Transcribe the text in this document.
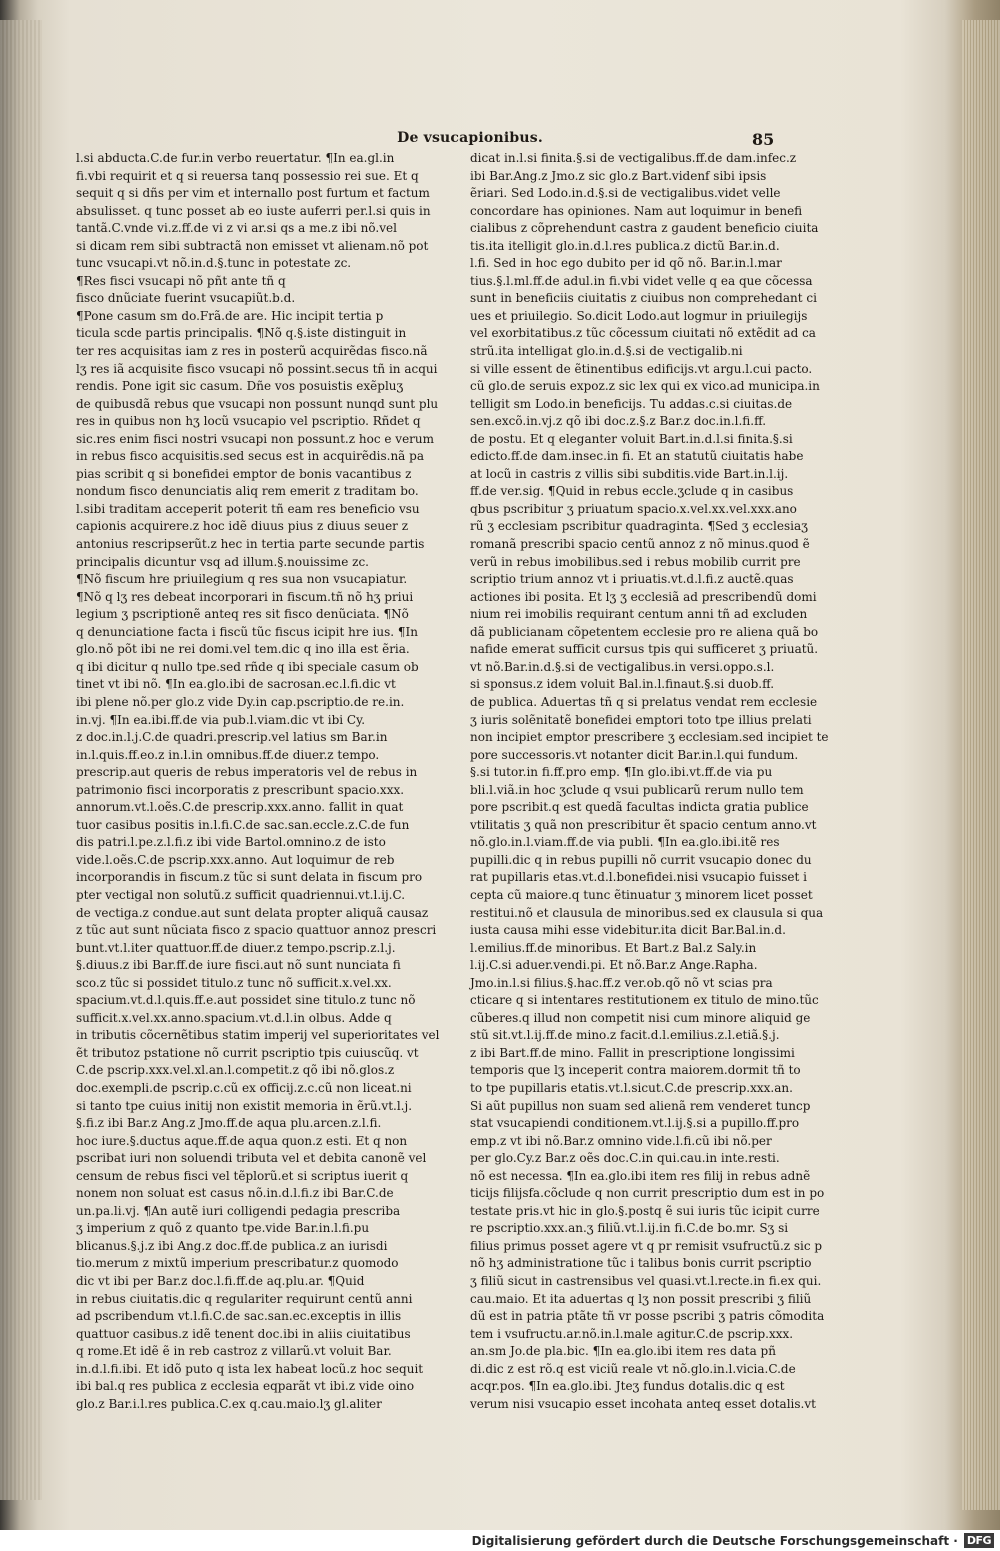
De vsucapionibus.	85
l.si abducta.C.de fur.in verbo reuertatur. ¶In ea.gl.in
fi.vbi requirit et q si reuersa tanq possessio rei sue. Et q
sequit q si dñs per vim et internallo post furtum et factum
absulisset. q tunc posset ab eo iuste auferri per.l.si quis in
tantã.C.vnde vi.z.ff.de vi z vi ar.si qs a me.z ibi nõ.vel
si dicam rem sibi subtractã non emisset vt alienam.nõ pot
tunc vsucapi.vt nõ.in.d.§.tunc in potestate zc.
¶Res fisci vsucapi nõ pñt ante tñ q
fisco dnũciate fuerint vsucapiũt.b.d.
¶Pone casum sm do.Frã.de are. Hic incipit tertia p
ticula scde partis principalis. ¶Nõ q.§.iste distinguit in
ter res acquisitas iam z res in posterũ acquirẽdas fisco.nã
lʒ res iã acquisite fisco vsucapi nõ possint.secus tñ in acqui
rendis. Pone igit sic casum. Dñe vos posuistis exẽpluʒ
de quibusdã rebus que vsucapi non possunt nunqd sunt plu
res in quibus non hʒ locũ vsucapio vel pscriptio. Rñdet q
sic.res enim fisci nostri vsucapi non possunt.z hoc e verum
in rebus fisco acquisitis.sed secus est in acquirẽdis.nã pa
pias scribit q si bonefidei emptor de bonis vacantibus z
nondum fisco denunciatis aliq rem emerit z traditam bo.
l.sibi traditam acceperit poterit tñ eam res beneficio vsu
capionis acquirere.z hoc idẽ diuus pius z diuus seuer z
antonius rescripserũt.z hec in tertia parte secunde partis
principalis dicuntur vsq ad illum.§.nouissime zc.
¶Nõ fiscum hre priuilegium q res sua non vsucapiatur.
¶Nõ q lʒ res debeat incorporari in fiscum.tñ nõ hʒ priui
legium ʒ pscriptionẽ anteq res sit fisco denũciata. ¶Nõ
q denunciatione facta i fiscũ tũc fiscus icipit hre ius. ¶In
glo.nõ põt ibi ne rei domi.vel tem.dic q ino illa est ẽria.
q ibi dicitur q nullo tpe.sed rñde q ibi speciale casum ob
tinet vt ibi nõ. ¶In ea.glo.ibi de sacrosan.ec.l.fi.dic vt
ibi plene nõ.per glo.z vide Dy.in cap.pscriptio.de re.in.
in.vj. ¶In ea.ibi.ff.de via pub.l.viam.dic vt ibi Cy.
z doc.in.l.j.C.de quadri.prescrip.vel latius sm Bar.in
in.l.quis.ff.eo.z in.l.in omnibus.ff.de diuer.z tempo.
prescrip.aut queris de rebus imperatoris vel de rebus in
patrimonio fisci incorporatis z prescribunt spacio.xxx.
annorum.vt.l.oẽs.C.de prescrip.xxx.anno. fallit in quat
tuor casibus positis in.l.fi.C.de sac.san.eccle.z.C.de fun
dis patri.l.pe.z.l.fi.z ibi vide Bartol.omnino.z de isto
vide.l.oẽs.C.de pscrip.xxx.anno. Aut loquimur de reb
incorporandis in fiscum.z tũc si sunt delata in fiscum pro
pter vectigal non solutũ.z sufficit quadriennui.vt.l.ij.C.
de vectiga.z condue.aut sunt delata propter aliquã causaz
z tũc aut sunt nũciata fisco z spacio quattuor annoz prescri
bunt.vt.l.iter quattuor.ff.de diuer.z tempo.pscrip.z.l.j.
§.diuus.z ibi Bar.ff.de iure fisci.aut nõ sunt nunciata fi
sco.z tũc si possidet titulo.z tunc nõ sufficit.x.vel.xx.
spacium.vt.d.l.quis.ff.e.aut possidet sine titulo.z tunc nõ
sufficit.x.vel.xx.anno.spacium.vt.d.l.in olbus. Adde q
in tributis cõcernẽtibus statim imperij vel superioritates vel
ẽt tributoz pstatione nõ currit pscriptio tpis cuiuscũq. vt
C.de pscrip.xxx.vel.xl.an.l.competit.z qõ ibi nõ.glos.z
doc.exempli.de pscrip.c.cũ ex officij.z.c.cũ non liceat.ni
si tanto tpe cuius initij non existit memoria in ẽrũ.vt.l.j.
§.fi.z ibi Bar.z Ang.z Jmo.ff.de aqua plu.arcen.z.l.fi.
hoc iure.§.ductus aque.ff.de aqua quon.z esti. Et q non
pscribat iuri non soluendi tributa vel et debita canonẽ vel
censum de rebus fisci vel tẽplorũ.et si scriptus iuerit q
nonem non soluat est casus nõ.in.d.l.fi.z ibi Bar.C.de
un.pa.li.vj. ¶An autẽ iuri colligendi pedagia prescriba
ʒ imperium z quõ z quanto tpe.vide Bar.in.l.fi.pu
blicanus.§.j.z ibi Ang.z doc.ff.de publica.z an iurisdi
tio.merum z mixtũ imperium prescribatur.z quomodo
dic vt ibi per Bar.z doc.l.fi.ff.de aq.plu.ar. ¶Quid
in rebus ciuitatis.dic q regulariter requirunt centũ anni
ad pscribendum vt.l.fi.C.de sac.san.ec.exceptis in illis
quattuor casibus.z idẽ tenent doc.ibi in aliis ciuitatibus
q rome.Et idẽ ẽ in reb castroz z villarũ.vt voluit Bar.
in.d.l.fi.ibi. Et idõ puto q ista lex habeat locũ.z hoc sequit
ibi bal.q res publica z ecclesia eqparãt vt ibi.z vide oino
glo.z Bar.i.l.res publica.C.ex q.cau.maio.lʒ gl.aliter
dicat in.l.si finita.§.si de vectigalibus.ff.de dam.infec.z
ibi Bar.Ang.z Jmo.z sic glo.z Bart.videnf sibi ipsis
ẽriari. Sed Lodo.in.d.§.si de vectigalibus.videt velle
concordare has opiniones. Nam aut loquimur in benefi
cialibus z cõprehendunt castra z gaudent beneficio ciuita
tis.ita itelligit glo.in.d.l.res publica.z dictũ Bar.in.d.
l.fi. Sed in hoc ego dubito per id qõ nõ. Bar.in.l.mar
tius.§.l.ml.ff.de adul.in fi.vbi videt velle q ea que cõcessa
sunt in beneficiis ciuitatis z ciuibus non comprehedant ci
ues et priuilegio. So.dicit Lodo.aut logmur in priuilegijs
vel exorbitatibus.z tũc cõcessum ciuitati nõ extẽdit ad ca
strũ.ita intelligat glo.in.d.§.si de vectigalib.ni
si ville essent de ẽtinentibus edificijs.vt argu.l.cui pacto.
cũ glo.de seruis expoz.z sic lex qui ex vico.ad municipa.in
telligit sm Lodo.in beneficijs. Tu addas.c.si ciuitas.de
sen.excõ.in.vj.z qõ ibi doc.z.§.z Bar.z doc.in.l.fi.ff.
de postu. Et q eleganter voluit Bart.in.d.l.si finita.§.si
edicto.ff.de dam.insec.in fi. Et an statutũ ciuitatis habe
at locũ in castris z villis sibi subditis.vide Bart.in.l.ij.
ff.de ver.sig. ¶Quid in rebus eccle.ʒclude q in casibus
qbus pscribitur ʒ priuatum spacio.x.vel.xx.vel.xxx.ano
rũ ʒ ecclesiam pscribitur quadraginta. ¶Sed ʒ ecclesiaʒ
romanã prescribi spacio centũ annoz z nõ minus.quod ẽ
verũ in rebus imobilibus.sed i rebus mobilib currit pre
scriptio trium annoz vt i priuatis.vt.d.l.fi.z auctẽ.quas
actiones ibi posita. Et lʒ ʒ ecclesiã ad prescribendũ domi
nium rei imobilis requirant centum anni tñ ad excluden
dã publicianam cõpetentem ecclesie pro re aliena quã bo
nafide emerat sufficit cursus tpis qui sufficeret ʒ priuatũ.
vt nõ.Bar.in.d.§.si de vectigalibus.in versi.oppo.s.l.
si sponsus.z idem voluit Bal.in.l.finaut.§.si duob.ff.
de publica. Aduertas tñ q si prelatus vendat rem ecclesie
ʒ iuris solẽnitatẽ bonefidei emptori toto tpe illius prelati
non incipiet emptor prescribere ʒ ecclesiam.sed incipiet te
pore successoris.vt notanter dicit Bar.in.l.qui fundum.
§.si tutor.in fi.ff.pro emp. ¶In glo.ibi.vt.ff.de via pu
bli.l.viã.in hoc ʒclude q vsui publicarũ rerum nullo tem
pore pscribit.q est quedã facultas indicta gratia publice
vtilitatis ʒ quã non prescribitur ẽt spacio centum anno.vt
nõ.glo.in.l.viam.ff.de via publi. ¶In ea.glo.ibi.itẽ res
pupilli.dic q in rebus pupilli nõ currit vsucapio donec du
rat pupillaris etas.vt.d.l.bonefidei.nisi vsucapio fuisset i
cepta cũ maiore.q tunc ẽtinuatur ʒ minorem licet posset
restitui.nõ et clausula de minoribus.sed ex clausula si qua
iusta causa mihi esse videbitur.ita dicit Bar.Bal.in.d.
l.emilius.ff.de minoribus. Et Bart.z Bal.z Saly.in
l.ij.C.si aduer.vendi.pi. Et nõ.Bar.z Ange.Rapha.
Jmo.in.l.si filius.§.hac.ff.z ver.ob.qõ nõ vt scias pra
cticare q si intentares restitutionem ex titulo de mino.tũc
cũberes.q illud non competit nisi cum minore aliquid ge
stũ sit.vt.l.ij.ff.de mino.z facit.d.l.emilius.z.l.etiã.§.j.
z ibi Bart.ff.de mino. Fallit in prescriptione longissimi
temporis que lʒ inceperit contra maiorem.dormit tñ to
to tpe pupillaris etatis.vt.l.sicut.C.de prescrip.xxx.an.
Si aũt pupillus non suam sed alienã rem venderet tuncp
stat vsucapiendi conditionem.vt.l.ij.§.si a pupillo.ff.pro
emp.z vt ibi nõ.Bar.z omnino vide.l.fi.cũ ibi nõ.per
per glo.Cy.z Bar.z oẽs doc.C.in qui.cau.in inte.resti.
nõ est necessa. ¶In ea.glo.ibi item res filij in rebus adnẽ
ticijs filijsfa.cõclude q non currit prescriptio dum est in po
testate pris.vt hic in glo.§.postq ẽ sui iuris tũc icipit curre
re pscriptio.xxx.an.ʒ filiũ.vt.l.ij.in fi.C.de bo.mr. Sʒ si
filius primus posset agere vt q pr remisit vsufructũ.z sic p
nõ hʒ administratione tũc i talibus bonis currit pscriptio
ʒ filiũ sicut in castrensibus vel quasi.vt.l.recte.in fi.ex qui.
cau.maio. Et ita aduertas q lʒ non possit prescribi ʒ filiũ
dũ est in patria ptãte tñ vr posse pscribi ʒ patris cõmodita
tem i vsufructu.ar.nõ.in.l.male agitur.C.de pscrip.xxx.
an.sm Jo.de pla.bic. ¶In ea.glo.ibi item res data pñ
di.dic z est rõ.q est viciũ reale vt nõ.glo.in.l.vicia.C.de
acqr.pos. ¶In ea.glo.ibi. Jteʒ fundus dotalis.dic q est
verum nisi vsucapio esset incohata anteq esset dotalis.vt
Digitalisierung gefördert durch die Deutsche Forschungsgemeinschaft · DFG
